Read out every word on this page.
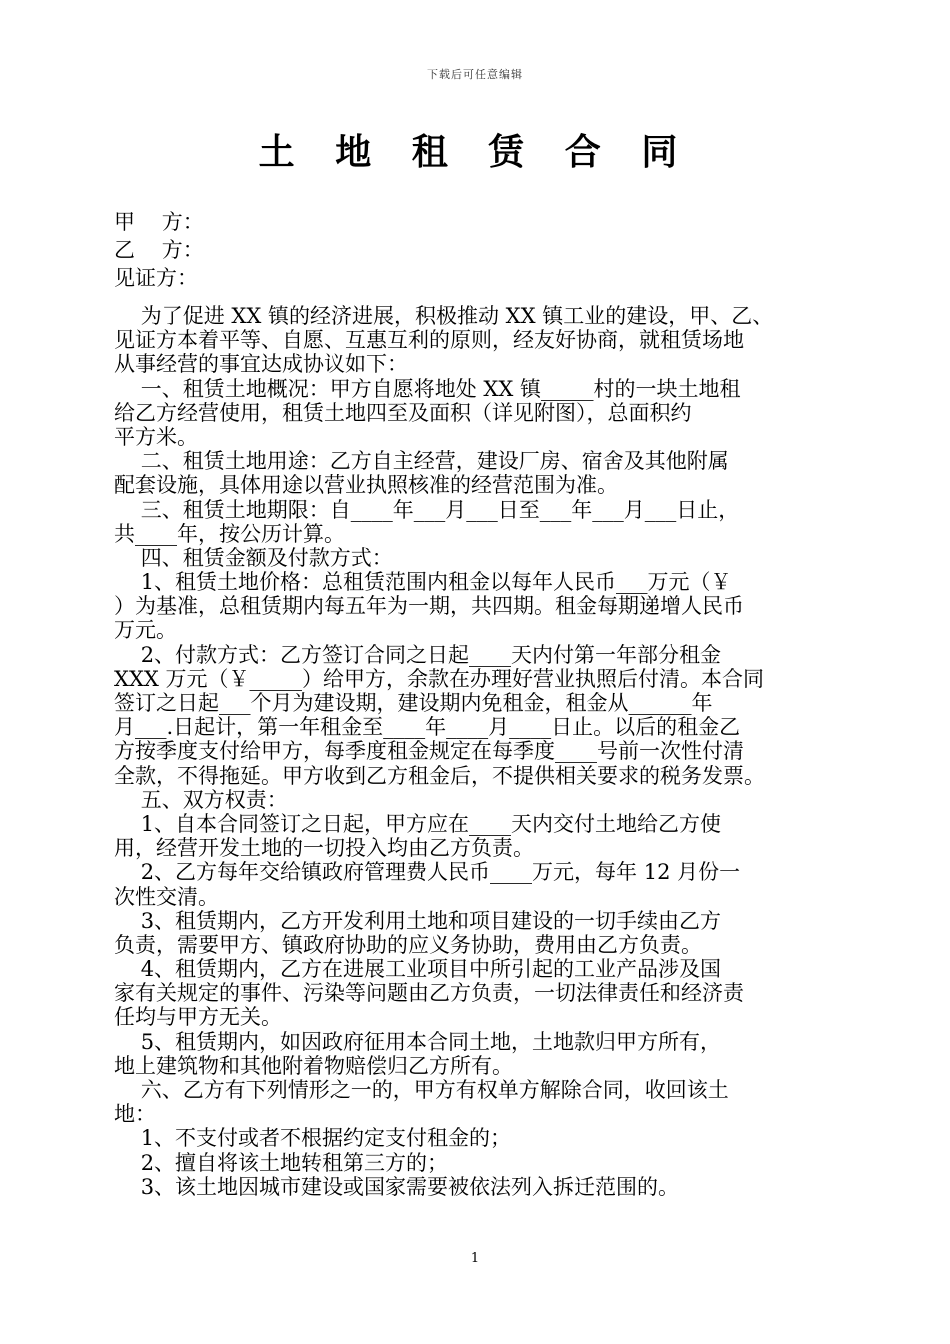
下载后可任意编辑
土 地 租 赁 合 同
甲    方：
乙    方：
见证方：
为了促进 XX 镇的经济进展，积极推动 XX 镇工业的建设，甲、乙、
见证方本着平等、自愿、互惠互利的原则，经友好协商，就租赁场地
从事经营的事宜达成协议如下：
一、租赁土地概况：甲方自愿将地处 XX 镇_____村的一块土地租
给乙方经营使用，租赁土地四至及面积（详见附图），总面积约
平方米。
二、租赁土地用途：乙方自主经营，建设厂房、宿舍及其他附属
配套设施，具体用途以营业执照核准的经营范围为准。
三、租赁土地期限：自____年___月___日至___年___月___日止，
共____年，按公历计算。
四、租赁金额及付款方式：
1、租赁土地价格：总租赁范围内租金以每年人民币___万元（￥
）为基准，总租赁期内每五年为一期，共四期。租金每期递增人民币
万元。
2、付款方式：乙方签订合同之日起____天内付第一年部分租金
XXX 万元（￥_____）给甲方，余款在办理好营业执照后付清。本合同
签订之日起___个月为建设期，建设期内免租金，租金从______年
月___.日起计，第一年租金至____年____月____日止。以后的租金乙
方按季度支付给甲方，每季度租金规定在每季度____号前一次性付清
全款，不得拖延。甲方收到乙方租金后，不提供相关要求的税务发票。
五、双方权责：
1、自本合同签订之日起，甲方应在____天内交付土地给乙方使
用，经营开发土地的一切投入均由乙方负责。
2、乙方每年交给镇政府管理费人民币____万元，每年 12 月份一
次性交清。
3、租赁期内，乙方开发利用土地和项目建设的一切手续由乙方
负责，需要甲方、镇政府协助的应义务协助，费用由乙方负责。
4、租赁期内，乙方在进展工业项目中所引起的工业产品涉及国
家有关规定的事件、污染等问题由乙方负责，一切法律责任和经济责
任均与甲方无关。
5、租赁期内，如因政府征用本合同土地，土地款归甲方所有，
地上建筑物和其他附着物赔偿归乙方所有。
六、乙方有下列情形之一的，甲方有权单方解除合同，收回该土
地：
1、不支付或者不根据约定支付租金的；
2、擅自将该土地转租第三方的；
3、该土地因城市建设或国家需要被依法列入拆迁范围的。
1
